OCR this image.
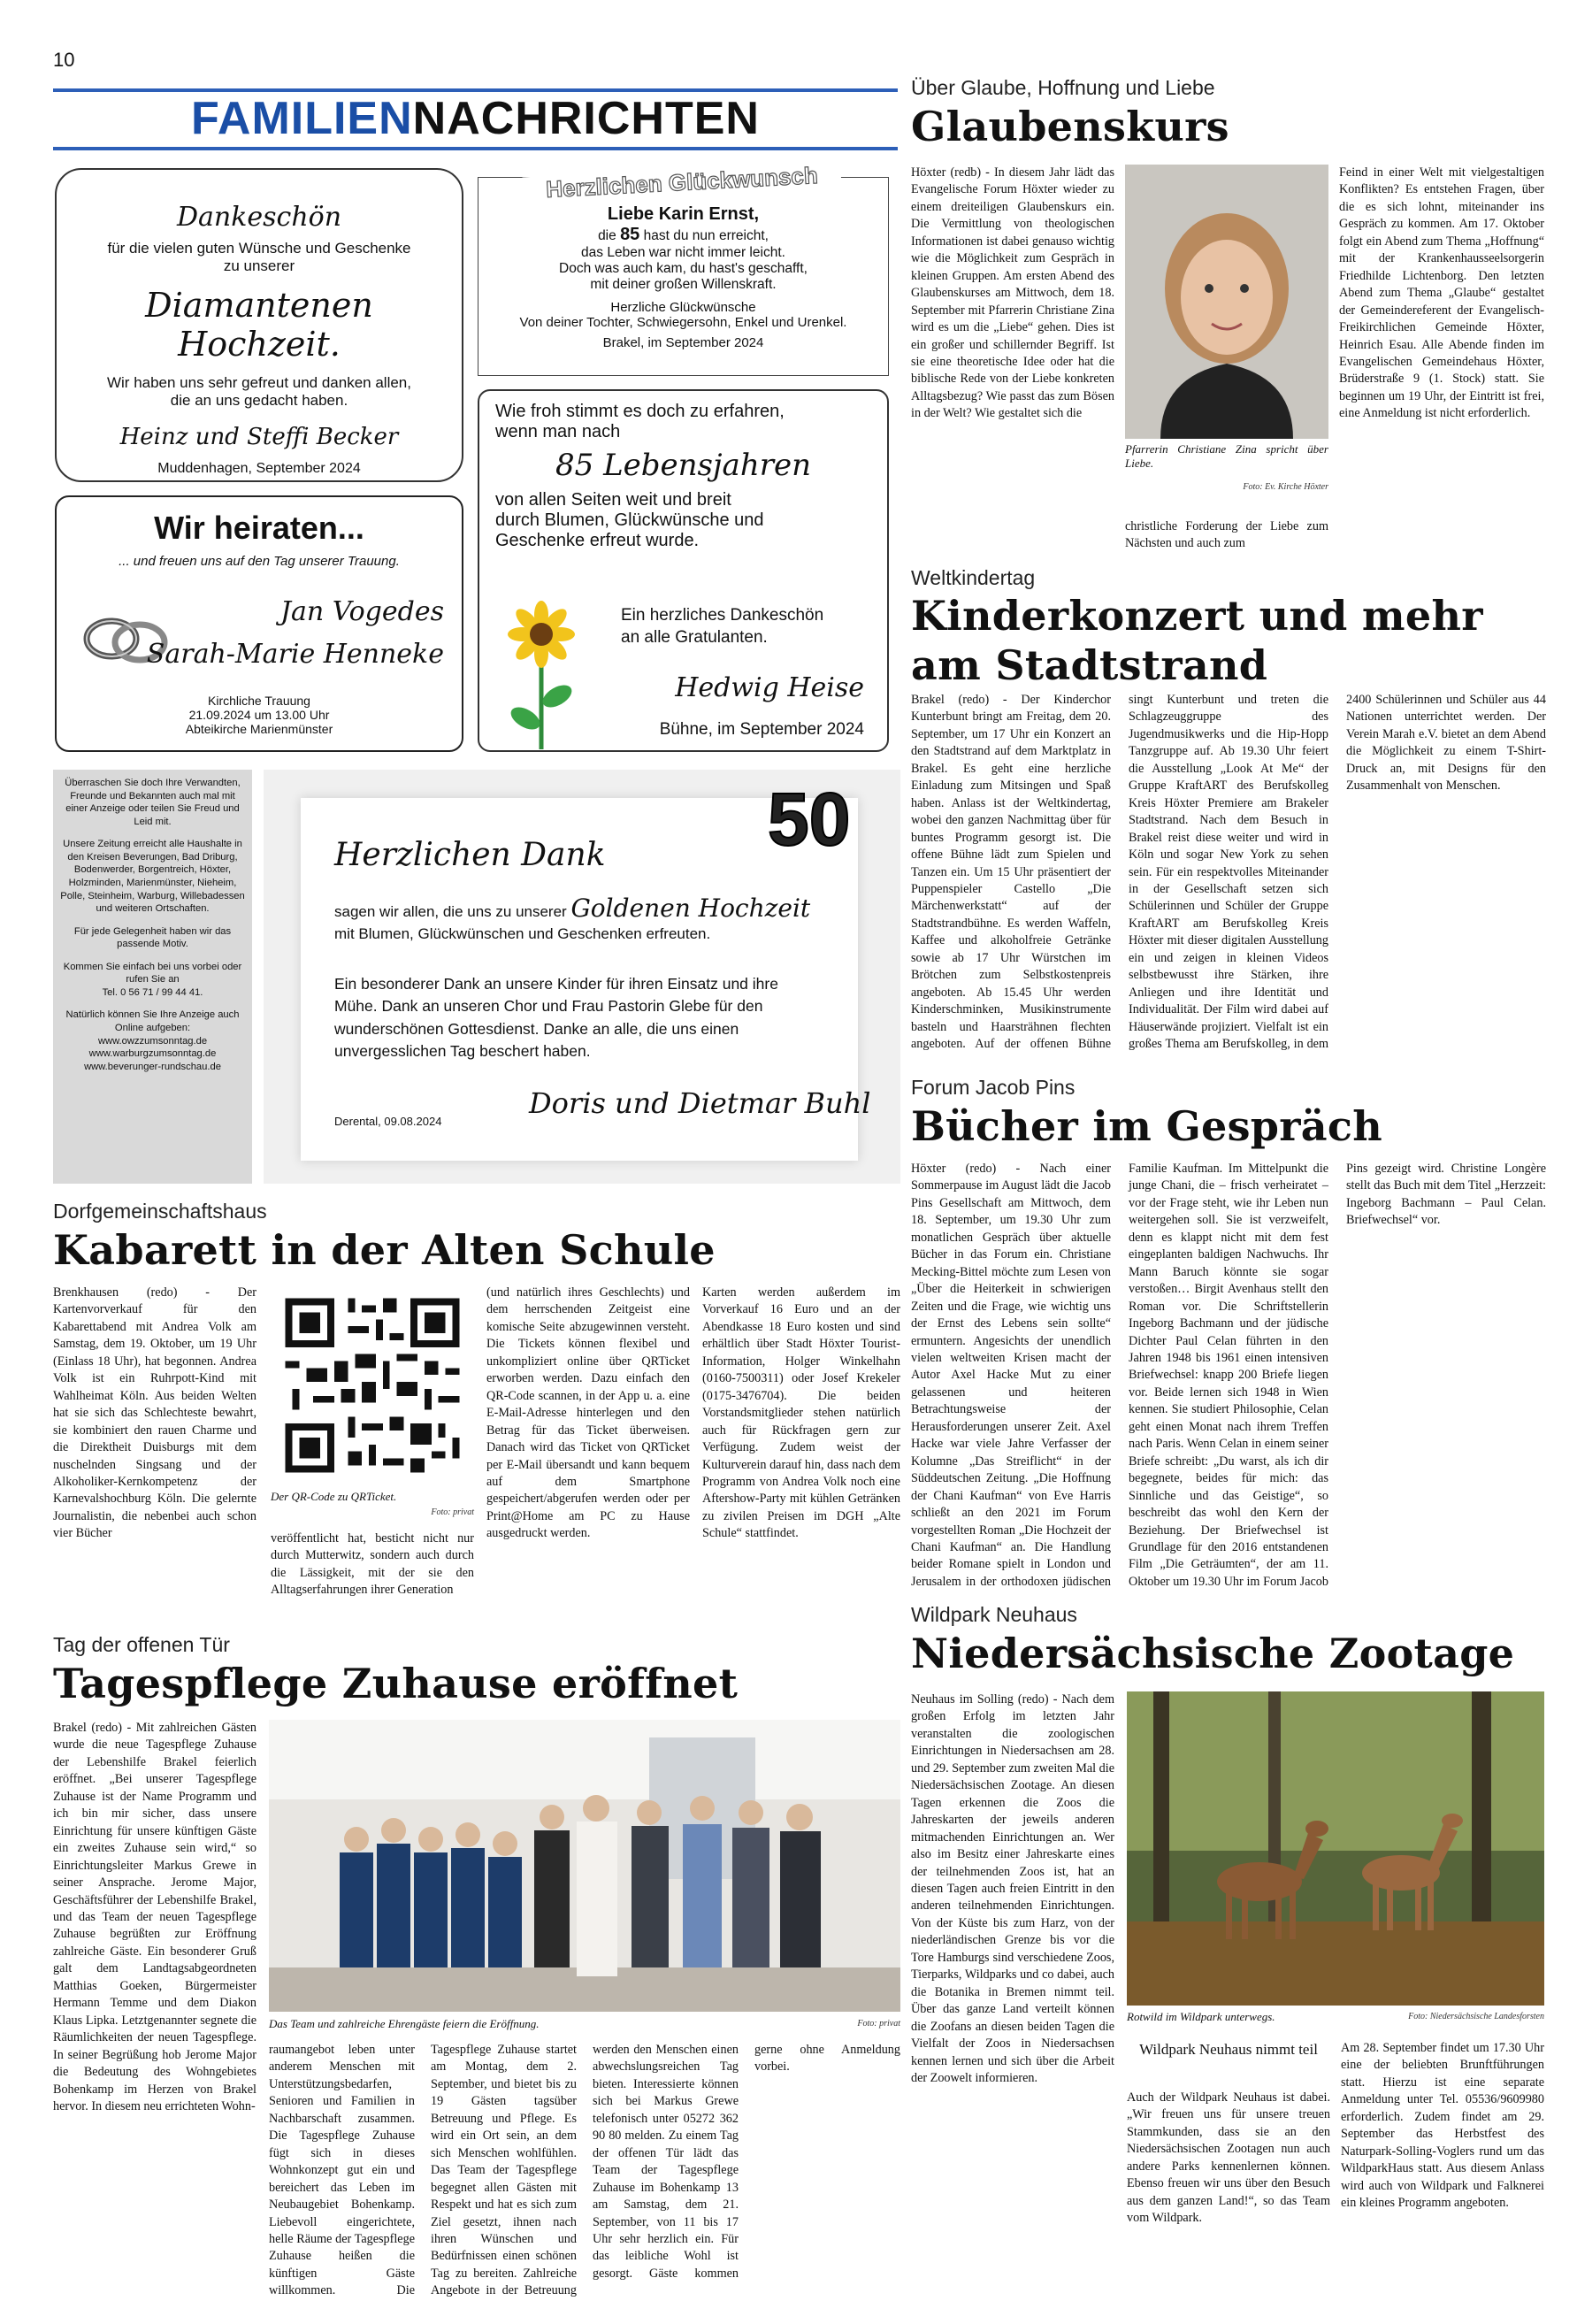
10
FAMILIENNACHRICHTEN
Dankeschön
für die vielen guten Wünsche und Geschenke
zu unserer
Diamantenen Hochzeit.
Wir haben uns sehr gefreut und danken allen,
die an uns gedacht haben.
Heinz und Steffi Becker
Muddenhagen, September 2024
Herzlichen Glückwunsch
Liebe Karin Ernst,
die 85 hast du nun erreicht,
das Leben war nicht immer leicht.
Doch was auch kam, du hast's geschafft,
mit deiner großen Willenskraft.
Herzliche Glückwünsche
Von deiner Tochter, Schwiegersohn, Enkel und Urenkel.
Brakel, im September 2024
Wir heiraten...
... und freuen uns auf den Tag unserer Trauung.
Jan Vogedes
Sarah-Marie Henneke
Kirchliche Trauung
21.09.2024 um 13.00 Uhr
Abteikirche Marienmünster
Wie froh stimmt es doch zu erfahren,
wenn man nach
85 Lebensjahren
von allen Seiten weit und breit
durch Blumen, Glückwünsche und
Geschenke erfreut wurde.
Ein herzliches Dankeschön
an alle Gratulanten.
Hedwig Heise
Bühne, im September 2024

Überraschen Sie doch Ihre Verwandten, Freunde und Bekannten auch mal mit einer Anzeige oder teilen Sie Freud und Leid mit.

Unsere Zeitung erreicht alle Haushalte in den Kreisen Beverungen, Bad Driburg, Bodenwerder, Borgentreich, Höxter, Holzminden, Marienmünster, Nieheim, Polle, Steinheim, Warburg, Willebadessen und weiteren Ortschaften.

Für jede Gelegenheit haben wir das passende Motiv.

Kommen Sie einfach bei uns vorbei oder rufen Sie an

Tel. 0 56 71 / 99 44 41.

Natürlich können Sie Ihre Anzeige auch Online aufgeben:

www.owzzumsonntag.de

www.warburgzumsonntag.de

www.beverunger-rundschau.de

50
Herzlichen Dank
sagen wir allen, die uns zu unserer Goldenen Hochzeit
mit Blumen, Glückwünschen und Geschenken erfreuten.
Ein besonderer Dank an unsere Kinder für ihren Einsatz und ihre Mühe. Dank an unseren Chor und Frau Pastorin Glebe für den wunderschönen Gottesdienst. Danke an alle, die uns einen unvergesslichen Tag beschert haben.
Doris und Dietmar Buhl
Derental, 09.08.2024
Über Glaube, Hoffnung und Liebe
Glaubenskurs
Höxter (redb) - In diesem Jahr lädt das Evangelische Forum Höxter wieder zu einem dreiteiligen Glaubenskurs ein. Die Vermittlung von theologischen Informationen ist dabei genauso wichtig wie die Möglichkeit zum Gespräch in kleinen Gruppen. Am ersten Abend des Glaubenskurses am Mittwoch, dem 18. September mit Pfarrerin Christiane Zina wird es um die „Liebe“ gehen. Dies ist ein großer und schillernder Begriff. Ist sie eine theoretische Idee oder hat die biblische Rede von der Liebe konkreten Alltagsbezug? Wie passt das zum Bösen in der Welt? Wie gestaltet sich die
Pfarrerin Christiane Zina spricht über Liebe.
Foto: Ev. Kirche Höxter
christliche Forderung der Liebe zum Nächsten und auch zum
Feind in einer Welt mit vielgestaltigen Konflikten? Es entstehen Fragen, über die es sich lohnt, miteinander ins Gespräch zu kommen. Am 17. Oktober folgt ein Abend zum Thema „Hoffnung“ mit der Krankenhausseelsorgerin Friedhilde Lichtenborg. Den letzten Abend zum Thema „Glaube“ gestaltet der Gemeindereferent der Evangelisch-Freikirchlichen Gemeinde Höxter, Heinrich Esau. Alle Abende finden im Evangelischen Gemeindehaus Höxter, Brüderstraße 9 (1. Stock) statt. Sie beginnen um 19 Uhr, der Eintritt ist frei, eine Anmeldung ist nicht erforderlich.
Weltkindertag
Kinderkonzert und mehr am Stadtstrand
Brakel (redo) - Der Kinderchor Kunterbunt bringt am Freitag, dem 20. September, um 17 Uhr ein Konzert an den Stadtstrand auf dem Marktplatz in Brakel. Es geht eine herzliche Einladung zum Mitsingen und Spaß haben. Anlass ist der Weltkindertag, wobei den ganzen Nachmittag über für buntes Programm gesorgt ist. Die offene Bühne lädt zum Spielen und Tanzen ein. Um 15 Uhr präsentiert der Puppenspieler Castello „Die Märchenwerkstatt“ auf der Stadtstrandbühne. Es werden Waffeln, Kaffee und alkoholfreie Getränke sowie ab 17 Uhr Würstchen im Brötchen zum Selbstkostenpreis angeboten. Ab 15.45 Uhr werden Kinderschminken, Musikinstrumente basteln und Haarsträhnen flechten angeboten. Auf der offenen Bühne singt Kunterbunt und treten die Schlagzeuggruppe des Jugendmusikwerks und die Hip-Hopp Tanzgruppe auf. Ab 19.30 Uhr feiert die Ausstellung „Look At Me“ der Gruppe KraftART des Berufskolleg Kreis Höxter Premiere am Brakeler Stadtstrand. Nach dem Besuch in Brakel reist diese weiter und wird in Köln und sogar New York zu sehen sein. Für ein respektvolles Miteinander in der Gesellschaft setzen sich Schülerinnen und Schüler der Gruppe KraftART am Berufskolleg Kreis Höxter mit dieser digitalen Ausstellung ein und zeigen in kleinen Videos selbstbewusst ihre Stärken, ihre Anliegen und ihre Identität und Individualität. Der Film wird dabei auf Häuserwände projiziert. Vielfalt ist ein großes Thema am Berufskolleg, in dem 2400 Schülerinnen und Schüler aus 44 Nationen unterrichtet werden. Der Verein Marah e.V. bietet an dem Abend die Möglichkeit zu einem T-Shirt-Druck an, mit Designs für den Zusammenhalt von Menschen.
Forum Jacob Pins
Bücher im Gespräch
Höxter (redo) - Nach einer Sommerpause im August lädt die Jacob Pins Gesellschaft am Mittwoch, dem 18. September, um 19.30 Uhr zum monatlichen Gespräch über aktuelle Bücher in das Forum ein. Christiane Mecking-Bittel möchte zum Lesen von „Über die Heiterkeit in schwierigen Zeiten und die Frage, wie wichtig uns der Ernst des Lebens sein sollte“ ermuntern. Angesichts der unendlich vielen weltweiten Krisen macht der Autor Axel Hacke Mut zu einer gelassenen und heiteren Betrachtungsweise der Herausforderungen unserer Zeit. Axel Hacke war viele Jahre Verfasser der Kolumne „Das Streiflicht“ in der Süddeutschen Zeitung. „Die Hoffnung der Chani Kaufman“ von Eve Harris schließt an den 2021 im Forum vorgestellten Roman „Die Hochzeit der Chani Kaufman“ an. Die Handlung beider Romane spielt in London und Jerusalem in der orthodoxen jüdischen Familie Kaufman. Im Mittelpunkt die junge Chani, die – frisch verheiratet – vor der Frage steht, wie ihr Leben nun weitergehen soll. Sie ist verzweifelt, denn es klappt nicht mit dem fest eingeplanten baldigen Nachwuchs. Ihr Mann Baruch könnte sie sogar verstoßen… Birgit Avenhaus stellt den Roman vor. Die Schriftstellerin Ingeborg Bachmann und der jüdische Dichter Paul Celan führten in den Jahren 1948 bis 1961 einen intensiven Briefwechsel: knapp 200 Briefe liegen vor. Beide lernen sich 1948 in Wien kennen. Sie studiert Philosophie, Celan geht einen Monat nach ihrem Treffen nach Paris. Wenn Celan in einem seiner Briefe schreibt: „Du warst, als ich dir begegnete, beides für mich: das Sinnliche und das Geistige“, so beschreibt das wohl den Kern der Beziehung. Der Briefwechsel ist Grundlage für den 2016 entstandenen Film „Die Geträumten“, der am 11. Oktober um 19.30 Uhr im Forum Jacob Pins gezeigt wird. Christine Longère stellt das Buch mit dem Titel „Herzzeit: Ingeborg Bachmann – Paul Celan. Briefwechsel“ vor.
Dorfgemeinschaftshaus
Kabarett in der Alten Schule
Brenkhausen (redo) - Der Kartenvorverkauf für den Kabarettabend mit Andrea Volk am Samstag, dem 19. Oktober, um 19 Uhr (Einlass 18 Uhr), hat begonnen. Andrea Volk ist ein Ruhrpott-Kind mit Wahlheimat Köln. Aus beiden Welten hat sie sich das Schlechteste bewahrt, sie kombiniert den rauen Charme und die Direktheit Duisburgs mit dem nuschelnden Singsang und der Alkoholiker-Kernkompetenz der Karnevalshochburg Köln. Die gelernte Journalistin, die nebenbei auch schon vier Bücher
Der QR-Code zu QRTicket.
Foto: privat
veröffentlicht hat, besticht nicht nur durch Mutterwitz, sondern auch durch die Lässigkeit, mit der sie den Alltagserfahrungen ihrer Generation
(und natürlich ihres Geschlechts) und dem herrschenden Zeitgeist eine komische Seite abzugewinnen versteht. Die Tickets können flexibel und unkompliziert online über QRTicket erworben werden. Dazu einfach den QR-Code scannen, in der App u. a. eine E-Mail-Adresse hinterlegen und den Betrag für das Ticket überweisen. Danach wird das Ticket von QRTicket per E-Mail übersandt und kann bequem auf dem Smartphone gespeichert/abgerufen werden oder per Print@Home am PC zu Hause ausgedruckt werden.
Karten werden außerdem im Vorverkauf 16 Euro und an der Abendkasse 18 Euro kosten und sind erhältlich über Stadt Höxter Tourist-Information, Holger Winkelhahn (0160-7500311) oder Josef Krekeler (0175-3476704). Die beiden Vorstandsmitglieder stehen natürlich auch für Rückfragen gern zur Verfügung. Zudem weist der Kulturverein darauf hin, dass nach dem Programm von Andrea Volk noch eine Aftershow-Party mit kühlen Getränken zu zivilen Preisen im DGH „Alte Schule“ stattfindet.
Tag der offenen Tür
Tagespflege Zuhause eröffnet
Brakel (redo) - Mit zahlreichen Gästen wurde die neue Tagespflege Zuhause der Lebenshilfe Brakel feierlich eröffnet. „Bei unserer Tagespflege Zuhause ist der Name Programm und ich bin mir sicher, dass unsere Einrichtung für unsere künftigen Gäste ein zweites Zuhause sein wird,“ so Einrichtungsleiter Markus Grewe in seiner Ansprache. Jerome Major, Geschäftsführer der Lebenshilfe Brakel, und das Team der neuen Tagespflege Zuhause begrüßten zur Eröffnung zahlreiche Gäste. Ein besonderer Gruß galt dem Landtagsabgeordneten Matthias Goeken, Bürgermeister Hermann Temme und dem Diakon Klaus Lipka. Letztgenannter segnete die Räumlichkeiten der neuen Tagespflege. In seiner Begrüßung hob Jerome Major die Bedeutung des Wohngebietes Bohenkamp im Herzen von Brakel hervor. In diesem neu errichteten Wohn-
Das Team und zahlreiche Ehrengäste feiern die Eröffnung.	Foto: privat
raumangebot leben unter anderem Menschen mit Unterstützungsbedarfen, Senioren und Familien in Nachbarschaft zusammen. Die Tagespflege Zuhause fügt sich in dieses Wohnkonzept gut ein und bereichert das Leben im Neubaugebiet Bohenkamp. Liebevoll eingerichtete, helle Räume der Tagespflege Zuhause heißen die künftigen Gäste willkommen. Die Tagespflege Zuhause startet am Montag, dem 2. September, und bietet bis zu 19 Gästen tagsüber Betreuung und Pflege. Es wird ein Ort sein, an dem sich Menschen wohlfühlen. Das Team der Tagespflege begegnet allen Gästen mit Respekt und hat es sich zum Ziel gesetzt, ihnen nach ihren Wünschen und Bedürfnissen einen schönen Tag zu bereiten. Zahlreiche Angebote in der Betreuung werden den Menschen einen abwechslungsreichen Tag bieten. Interessierte können sich bei Markus Grewe telefonisch unter 05272 362 90 80 melden. Zu einem Tag der offenen Tür lädt das Team der Tagespflege Zuhause im Bohenkamp 13 am Samstag, dem 21. September, von 11 bis 17 Uhr sehr herzlich ein. Für das leibliche Wohl ist gesorgt. Gäste kommen gerne ohne Anmeldung vorbei.
Wildpark Neuhaus
Niedersächsische Zootage
Neuhaus im Solling (redo) - Nach dem großen Erfolg im letzten Jahr veranstalten die zoologischen Einrichtungen in Niedersachsen am 28. und 29. September zum zweiten Mal die Niedersächsischen Zootage. An diesen Tagen erkennen die Zoos die Jahreskarten der jeweils anderen mitmachenden Einrichtungen an. Wer also im Besitz einer Jahreskarte eines der teilnehmenden Zoos ist, hat an diesen Tagen auch freien Eintritt in den anderen teilnehmenden Einrichtungen. Von der Küste bis zum Harz, von der niederländischen Grenze bis vor die Tore Hamburgs sind verschiedene Zoos, Tierparks, Wildparks und co dabei, auch die Botanika in Bremen nimmt teil. Über das ganze Land verteilt können die Zoofans an diesen beiden Tagen die Vielfalt der Zoos in Niedersachsen kennen lernen und sich über die Arbeit der Zoowelt informieren.
Rotwild im Wildpark unterwegs.	Foto: Niedersächsische Landesforsten
Wildpark Neuhaus nimmt teil
Auch der Wildpark Neuhaus ist dabei. „Wir freuen uns für unsere treuen Stammkunden, dass sie an den Niedersächsischen Zootagen nun auch andere Parks kennenlernen können. Ebenso freuen wir uns über den Besuch aus dem ganzen Land!“, so das Team vom Wildpark.
Am 28. September findet um 17.30 Uhr eine der beliebten Brunftführungen statt. Hierzu ist eine separate Anmeldung unter Tel. 05536/9609980 erforderlich. Zudem findet am 29. September das Herbstfest des Naturpark-Solling-Voglers rund um das WildparkHaus statt. Aus diesem Anlass wird auch von Wildpark und Falknerei ein kleines Programm angeboten.
